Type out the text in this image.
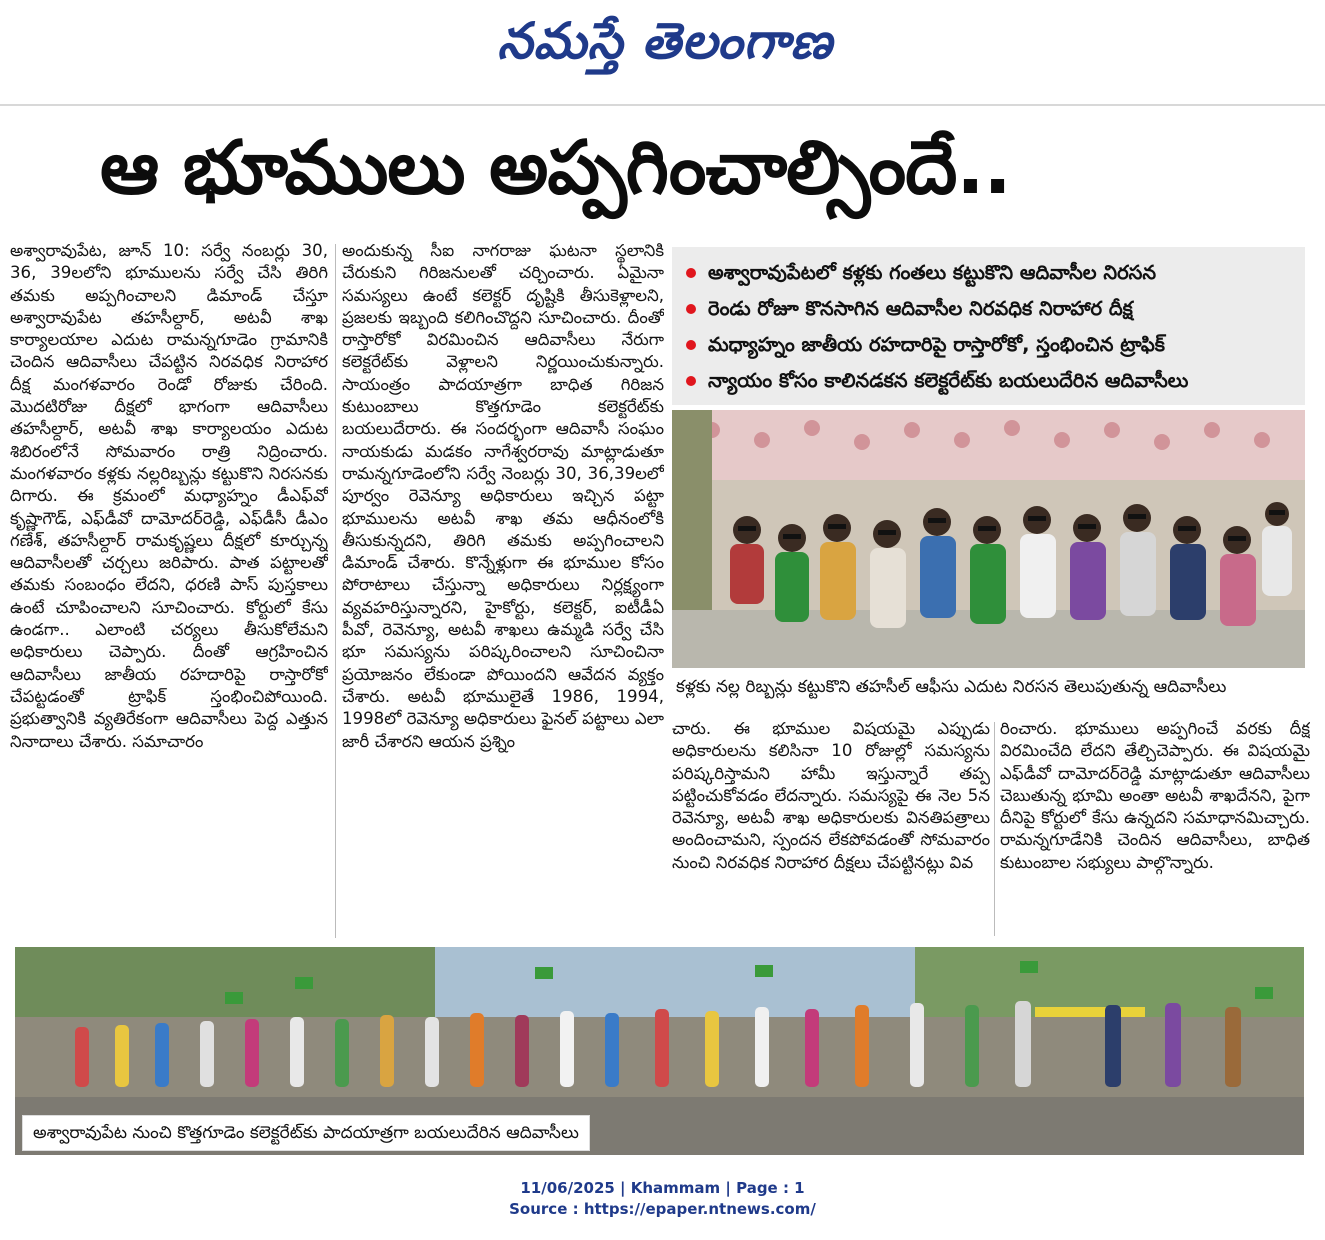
నమస్తే తెలంగాణ
ఆ భూములు అప్పగించాల్సిందే..

అశ్వారావుపేట, జూన్ 10: సర్వే నంబర్లు 30, 36, 39లలోని భూములను సర్వే చేసి తిరిగి తమకు అప్పగించాలని డిమాండ్ చేస్తూ అశ్వారావుపేట తహసీల్దార్, అటవీ శాఖ కార్యాలయాల ఎదుట రామన్నగూడెం గ్రామానికి చెందిన ఆదివాసీలు చేపట్టిన నిరవధిక నిరాహార దీక్ష మంగళవారం రెండో రోజుకు చేరింది. మొదటిరోజు దీక్షలో భాగంగా ఆదివాసీలు తహసీల్దార్, అటవీ శాఖ కార్యాలయం ఎదుట శిబిరంలోనే సోమవారం రాత్రి నిద్రించారు. మంగళవారం కళ్లకు నల్లరిబ్బన్లు కట్టుకొని నిరసనకు దిగారు. ఈ క్రమంలో మధ్యాహ్నం డీఎఫ్‌వో కృష్ణాగౌడ్, ఎఫ్‌డీవో దామోదర్‌రెడ్డి, ఎఫ్‌డీసీ డీఎం గణేశ్, తహసీల్దార్ రామకృష్ణలు దీక్షలో కూర్చున్న ఆదివాసీలతో చర్చలు జరిపారు. పాత పట్టాలతో తమకు సంబంధం లేదని, ధరణి పాస్ పుస్తకాలు ఉంటే చూపించాలని సూచించారు. కోర్టులో కేసు ఉండగా.. ఎలాంటి చర్యలు తీసుకోలేమని అధికారులు చెప్పారు. దీంతో ఆగ్రహించిన ఆదివాసీలు జాతీయ రహదారిపై రాస్తారోకో చేపట్టడంతో ట్రాఫిక్ స్తంభించిపోయింది. ప్రభుత్వానికి వ్యతిరేకంగా ఆదివాసీలు పెద్ద ఎత్తున నినాదాలు చేశారు. సమాచారం

అందుకున్న సీఐ నాగరాజు ఘటనా స్థలానికి చేరుకుని గిరిజనులతో చర్చించారు. ఏమైనా సమస్యలు ఉంటే కలెక్టర్ దృష్టికి తీసుకెళ్లాలని, ప్రజలకు ఇబ్బంది కలిగించొద్దని సూచించారు. దీంతో రాస్తారోకో విరమించిన ఆదివాసీలు నేరుగా కలెక్టరేట్‌కు వెళ్లాలని నిర్ణయించుకున్నారు. సాయంత్రం పాదయాత్రగా బాధిత గిరిజన కుటుంబాలు కొత్తగూడెం కలెక్టరేట్‌కు బయలుదేరారు. ఈ సందర్భంగా ఆదివాసీ సంఘం నాయకుడు మడకం నాగేశ్వరరావు మాట్లాడుతూ రామన్నగూడెంలోని సర్వే నెంబర్లు 30, 36,39లలో పూర్వం రెవెన్యూ అధికారులు ఇచ్చిన పట్టా భూములను అటవీ శాఖ తమ ఆధీనంలోకి తీసుకున్నదని, తిరిగి తమకు అప్పగించాలని డిమాండ్ చేశారు. కొన్నేళ్లుగా ఈ భూముల కోసం పోరాటాలు చేస్తున్నా అధికారులు నిర్లక్ష్యంగా వ్యవహరిస్తున్నారని, హైకోర్టు, కలెక్టర్, ఐటీడీఏ పీవో, రెవెన్యూ, అటవీ శాఖలు ఉమ్మడి సర్వే చేసి భూ సమస్యను పరిష్కరించాలని సూచించినా ప్రయోజనం లేకుండా పోయిందని ఆవేదన వ్యక్తం చేశారు. అటవీ భూములైతే 1986, 1994, 1998లో రెవెన్యూ అధికారులు ఫైనల్ పట్టాలు ఎలా జారీ చేశారని ఆయన ప్రశ్నిం

అశ్వారావుపేటలో కళ్లకు గంతలు కట్టుకొని ఆదివాసీల నిరసన
రెండు రోజూ కొనసాగిన ఆదివాసీల నిరవధిక నిరాహార దీక్ష
మధ్యాహ్నం జాతీయ రహదారిపై రాస్తారోకో, స్తంభించిన ట్రాఫిక్
న్యాయం కోసం కాలినడకన కలెక్టరేట్‌కు బయలుదేరిన ఆదివాసీలు
కళ్లకు నల్ల రిబ్బన్లు కట్టుకొని తహసీల్ ఆఫీసు ఎదుట నిరసన తెలుపుతున్న ఆదివాసీలు

చారు. ఈ భూముల విషయమై ఎప్పుడు అధికారులను కలిసినా 10 రోజుల్లో సమస్యను పరిష్కరిస్తామని హామీ ఇస్తున్నారే తప్ప పట్టించుకోవడం లేదన్నారు. సమస్యపై ఈ నెల 5న రెవెన్యూ, అటవీ శాఖ అధికారులకు వినతిపత్రాలు అందించామని, స్పందన లేకపోవడంతో సోమవారం నుంచి నిరవధిక నిరాహార దీక్షలు చేపట్టినట్లు వివ

రించారు. భూములు అప్పగించే వరకు దీక్ష విరమించేది లేదని తేల్చిచెప్పారు. ఈ విషయమై ఎఫ్‌డీవో దామోదర్‌రెడ్డి మాట్లాడుతూ ఆదివాసీలు చెబుతున్న భూమి అంతా అటవీ శాఖదేనని, పైగా దీనిపై కోర్టులో కేసు ఉన్నదని సమాధానమిచ్చారు. రామన్నగూడేనికి చెందిన ఆదివాసీలు, బాధిత కుటుంబాల సభ్యులు పాల్గొన్నారు.

అశ్వారావుపేట నుంచి కొత్తగూడెం కలెక్టరేట్‌కు పాదయాత్రగా బయలుదేరిన ఆదివాసీలు
11/06/2025 | Khammam | Page : 1
Source : https://epaper.ntnews.com/
